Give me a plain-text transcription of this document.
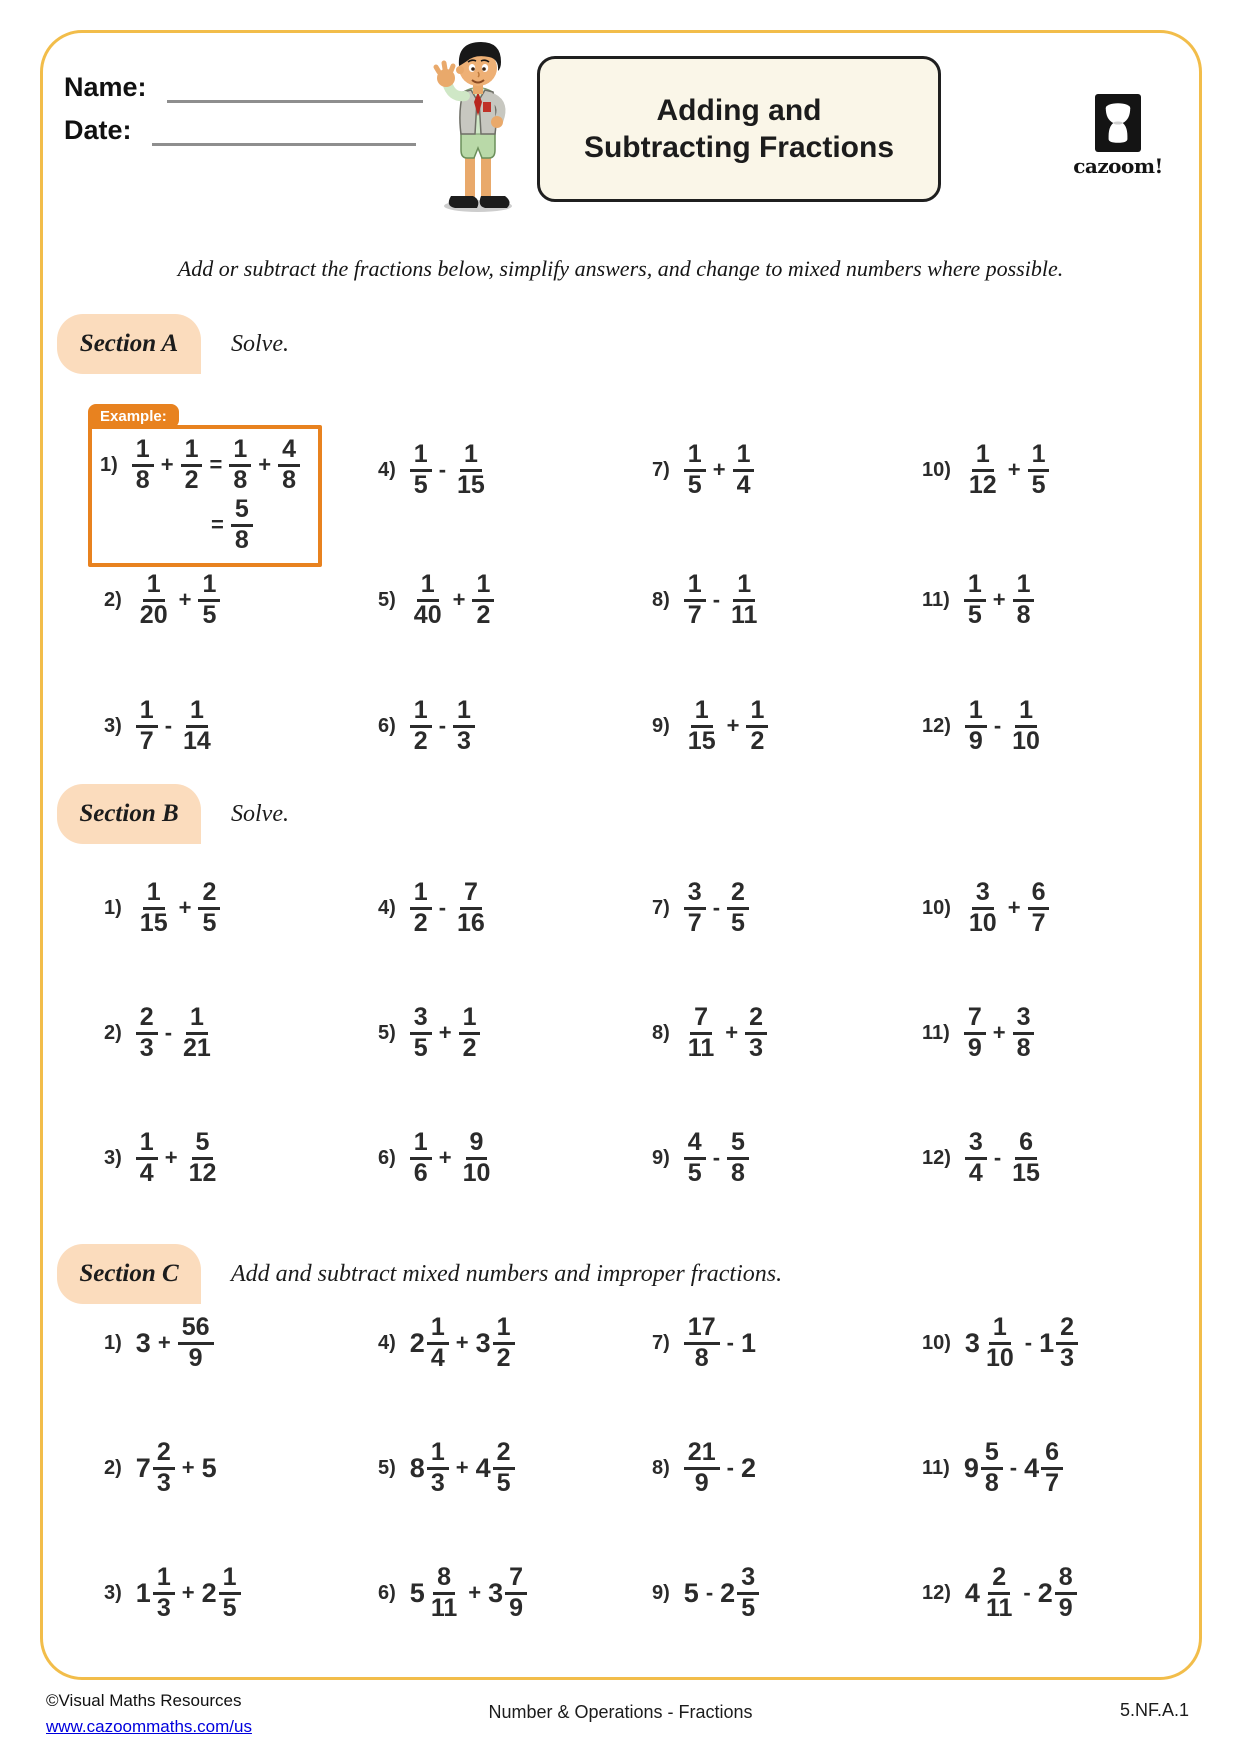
Name:
Date:
Adding and
Subtracting Fractions
cazoom!
Add or subtract the fractions below, simplify answers, and change to mixed numbers where possible.
Section A	Solve.
Section B	Solve.
Section C	Add and subtract mixed numbers and improper fractions.
Example:
$1) \frac{1}{8} + \frac{1}{2} = \frac{1}{8} + \frac{4}{8}$

= $\frac{5}{8}$
$2) \frac{1}{20} + \frac{1}{5}$
$3) \frac{1}{7} - \frac{1}{14}$
$4) \frac{1}{5} - \frac{1}{15}$
$5) \frac{1}{40} + \frac{1}{2}$
$6) \frac{1}{2} - \frac{1}{3}$
$7) \frac{1}{5} + \frac{1}{4}$
$8) \frac{1}{7} - \frac{1}{11}$
$9) \frac{1}{15} + \frac{1}{2}$
$10) \frac{1}{12} + \frac{1}{5}$
$11) \frac{1}{5} + \frac{1}{8}$
$12) \frac{1}{9} - \frac{1}{10}$
$1) \frac{1}{15} + \frac{2}{5}$
$2) \frac{2}{3} - \frac{1}{21}$
$3) \frac{1}{4} + \frac{5}{12}$
$4) \frac{1}{2} - \frac{7}{16}$
$5) \frac{3}{5} + \frac{1}{2}$
$6) \frac{1}{6} + \frac{9}{10}$
$7) \frac{3}{7} - \frac{2}{5}$
$8) \frac{7}{11} + \frac{2}{3}$
$9) \frac{4}{5} - \frac{5}{8}$
$10) \frac{3}{10} + \frac{6}{7}$
$11) \frac{7}{9} + \frac{3}{8}$
$12) \frac{3}{4} - \frac{6}{15}$
1) $3 + \frac{56}{9}$
2) $7 \frac{2}{3} + 5$
3) $1 \frac{1}{3} + 2 \frac{1}{5}$
4) $2 \frac{1}{4} + 3 \frac{1}{2}$
5) $8 \frac{1}{3} + 4 \frac{2}{5}$
6) $5 \frac{8}{11} + 3 \frac{7}{9}$
$7) \frac{17}{8} - 1$
$8) \frac{21}{9} - 2$
9) $5 - 2 \frac{3}{5}$
10) $3 \frac{1}{10} - 1 \frac{2}{3}$
11) $9 \frac{5}{8} - 4 \frac{6}{7}$
12) $4 \frac{2}{11} - 2 \frac{8}{9}$
©Visual Maths Resources
www.cazoommaths.com/us
Number & Operations - Fractions	5.NF.A.1
